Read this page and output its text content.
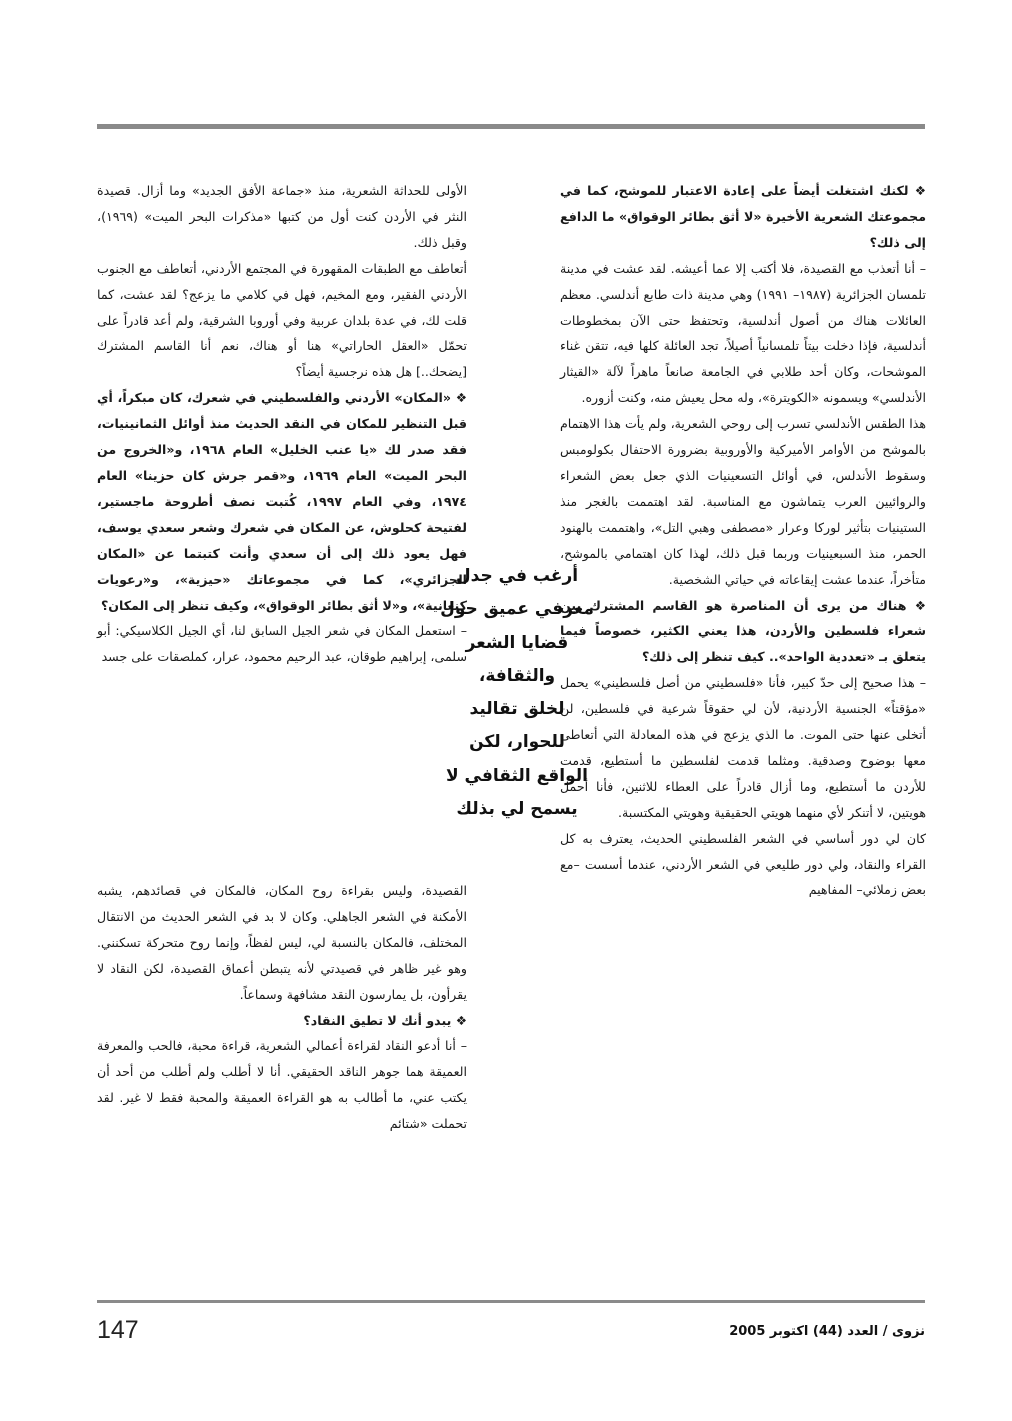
❖ لكنك اشتغلت أيضاً على إعادة الاعتبار للموشح، كما في مجموعتك الشعرية الأخيرة «لا أثق بطائر الوقواق» ما الدافع إلى ذلك؟

– أنا أتعذب مع القصيدة، فلا أكتب إلا عما أعيشه. لقد عشت في مدينة تلمسان الجزائرية (١٩٨٧– ١٩٩١) وهي مدينة ذات طابع أندلسي. معظم العائلات هناك من أصول أندلسية، وتحتفظ حتى الآن بمخطوطات أندلسية، فإذا دخلت بيتاً تلمسانياً أصيلاً، تجد العائلة كلها فيه، تتقن غناء الموشحات، وكان أحد طلابي في الجامعة صانعاً ماهراً لآلة «القيثار الأندلسي» ويسمونه «الكويترة»، وله محل يعيش منه، وكنت أزوره.

هذا الطقس الأندلسي تسرب إلى روحي الشعرية، ولم يأت هذا الاهتمام بالموشح من الأوامر الأميركية والأوروبية بضرورة الاحتفال بكولومبس وسقوط الأندلس، في أوائل التسعينيات الذي جعل بعض الشعراء والروائيين العرب يتماشون مع المناسبة. لقد اهتممت بالغجر منذ الستينيات بتأثير لوركا وعرار «مصطفى وهبي التل»، واهتممت بالهنود الحمر، منذ السبعينيات وربما قبل ذلك، لهذا كان اهتمامي بالموشح، متأخراً، عندما عشت إيقاعاته في حياتي الشخصية.

❖ هناك من يرى أن المناصرة هو القاسم المشترك بين شعراء فلسطين والأردن، هذا يعني الكثير، خصوصاً فيما يتعلق بـ «تعددية الواحد».. كيف تنظر إلى ذلك؟

– هذا صحيح إلى حدّ كبير، فأنا «فلسطيني من أصل فلسطيني» يحمل «مؤقتاً» الجنسية الأردنية، لأن لي حقوقاً شرعية في فلسطين، لن أتخلى عنها حتى الموت. ما الذي يزعج في هذه المعادلة التي أتعاطى معها بوضوح وصدقية. ومثلما قدمت لفلسطين ما أستطيع، قدمت للأردن ما أستطيع، وما أزال قادراً على العطاء للاثنين، فأنا أحمل هويتين، لا أتنكر لأي منهما هويتي الحقيقية وهويتي المكتسبة.

كان لي دور أساسي في الشعر الفلسطيني الحديث، يعترف به كل القراء والنقاد، ولي دور طليعي في الشعر الأردني، عندما أسست –مع بعض زملائي– المفاهيم

الأولى للحداثة الشعرية، منذ «جماعة الأفق الجديد» وما أزال. قصيدة النثر في الأردن كنت أول من كتبها «مذكرات البحر الميت» (١٩٦٩)، وقبل ذلك.

أتعاطف مع الطبقات المقهورة في المجتمع الأردني، أتعاطف مع الجنوب الأردني الفقير، ومع المخيم، فهل في كلامي ما يزعج؟ لقد عشت، كما قلت لك، في عدة بلدان عربية وفي أوروبا الشرقية، ولم أعد قادراً على تحمّل «العقل الحاراتي» هنا أو هناك، نعم أنا القاسم المشترك [يضحك..] هل هذه نرجسية أيضاً؟

❖ «المكان» الأردني والفلسطيني في شعرك، كان مبكراً، أي قبل التنظير للمكان في النقد الحديث منذ أوائل الثمانينيات، فقد صدر لك «يا عنب الخليل» العام ١٩٦٨، و«الخروج من البحر الميت» العام ١٩٦٩، و«قمر جرش كان حزينا» العام ١٩٧٤، وفي العام ١٩٩٧، كُتبت نصف أطروحة ماجستير، لفتيحة كحلوش، عن المكان في شعرك وشعر سعدي يوسف، فهل يعود ذلك إلى أن سعدي وأنت كتبتما عن «المكان الجزائري»، كما في مجموعاتك «حيزية»، و«رعويات كنعانية»، و«لا أثق بطائر الوقواق»، وكيف تنظر إلى المكان؟

– استعمل المكان في شعر الجيل السابق لنا، أي الجيل الكلاسيكي: أبو سلمى، إبراهيم طوقان، عبد الرحيم محمود، عرار، كملصقات على جسد

القصيدة، وليس بقراءة روح المكان، فالمكان في قصائدهم، يشبه الأمكنة في الشعر الجاهلي. وكان لا بد في الشعر الحديث من الانتقال المختلف، فالمكان بالنسبة لي، ليس لفظاً، وإنما روح متحركة تسكنني. وهو غير ظاهر في قصيدتي لأنه يتبطن أعماق القصيدة، لكن النقاد لا يقرأون، بل يمارسون النقد مشافهة وسماعاً.

❖ يبدو أنك لا تطيق النقاد؟

– أنا أدعو النقاد لقراءة أعمالي الشعرية، قراءة محبة، فالحب والمعرفة العميقة هما جوهر الناقد الحقيقي. أنا لا أطلب ولم أطلب من أحد أن يكتب عني، ما أطالب به هو القراءة العميقة والمحبة فقط لا غير. لقد تحملت «شتائم

أرغب في جدل
معرفي عميق حول
قضايا الشعر
والثقافة،
لخلق تقاليد
للحوار، لكن
الواقع الثقافي لا
يسمح لي بذلك
147	نزوى / العدد (44) اكتوبر 2005
